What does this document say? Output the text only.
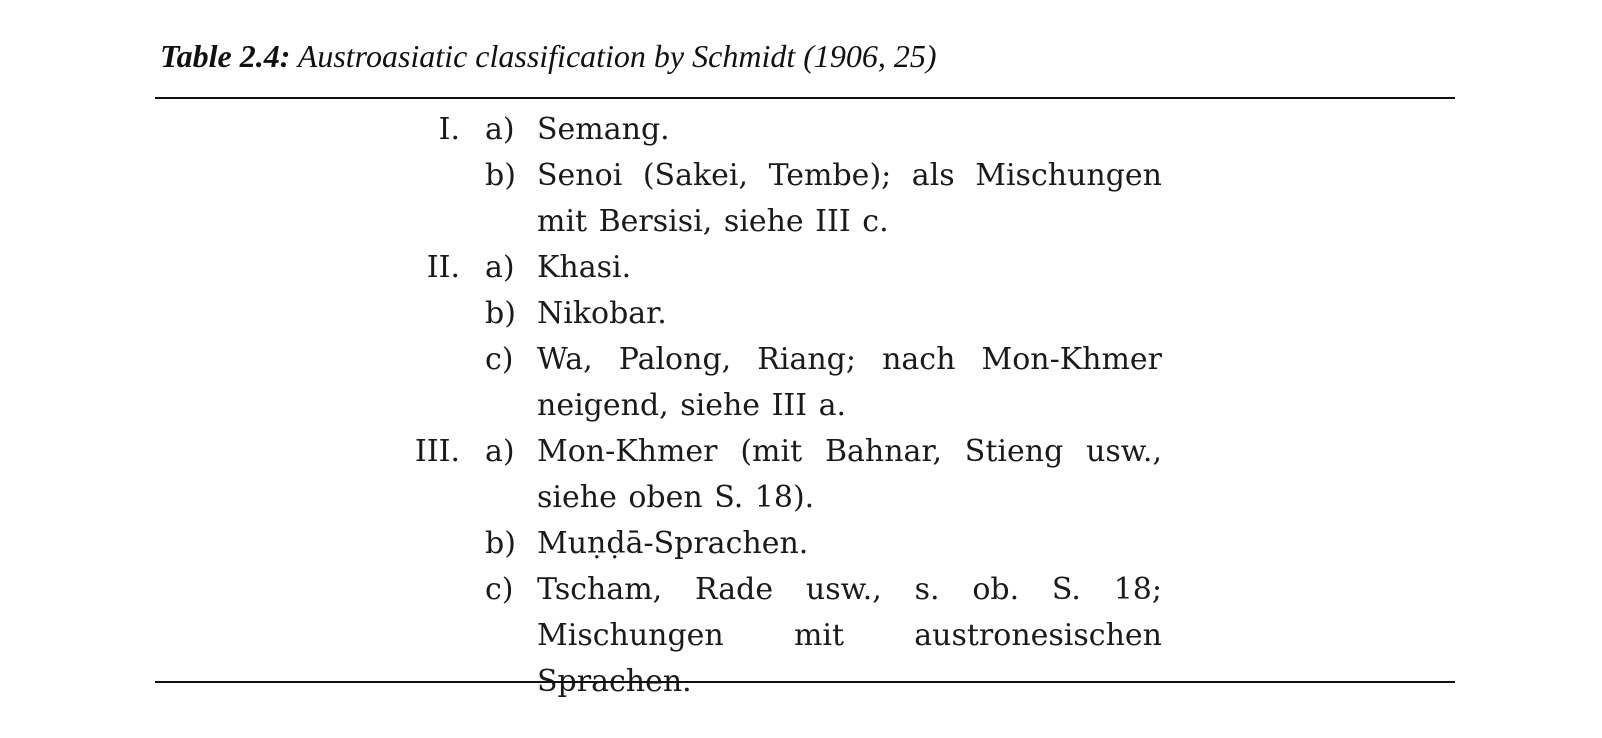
Table 2.4: Austroasiatic classification by Schmidt (1906, 25)
I. a) Semang.
b) Senoi (Sakei, Tembe); als Mischungen mit Bersisi, siehe III c.
II. a) Khasi.
b) Nikobar.
c) Wa, Palong, Riang; nach Mon-Khmer neigend, siehe III a.
III. a) Mon-Khmer (mit Bahnar, Stieng usw., siehe oben S. 18).
b) Muṇḍā-Sprachen.
c) Tscham, Rade usw., s. ob. S. 18; Mischungen mit austronesischen Sprachen.
